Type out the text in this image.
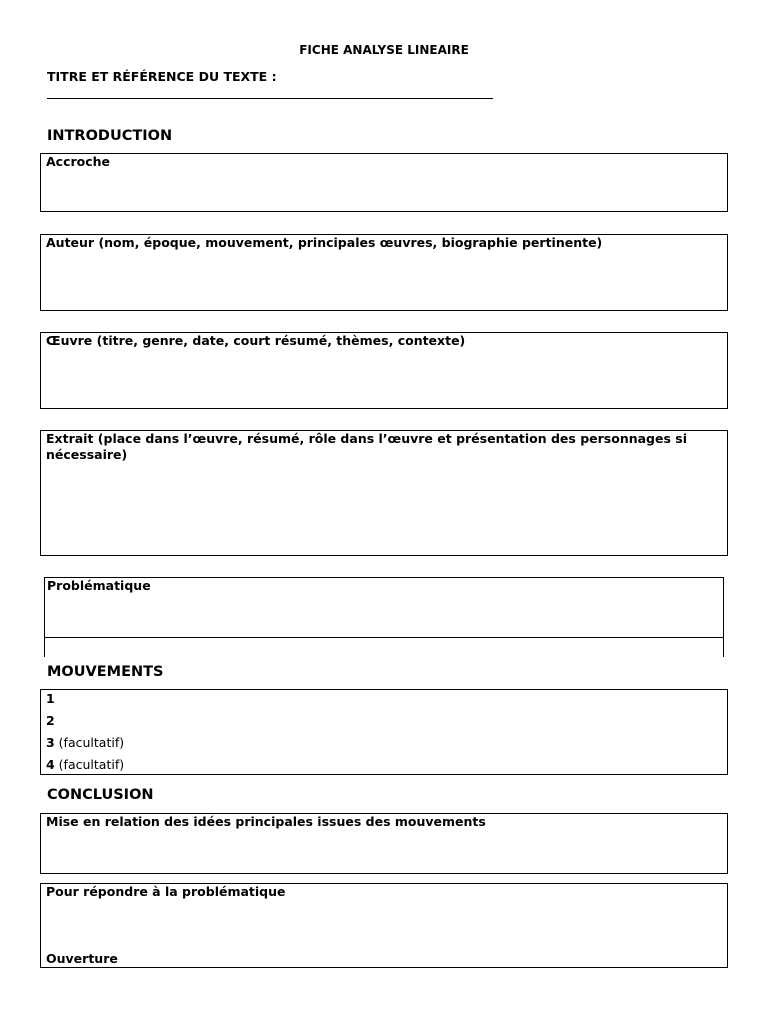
FICHE ANALYSE LINEAIRE
TITRE ET RÉFÉRENCE DU TEXTE :
INTRODUCTION
Accroche
Auteur (nom, époque, mouvement, principales œuvres, biographie pertinente)
Œuvre (titre, genre, date, court résumé, thèmes, contexte)
Extrait (place dans l’œuvre, résumé, rôle dans l’œuvre et présentation des personnages si nécessaire)
Problématique
MOUVEMENTS
1
2
3 (facultatif)
4 (facultatif)
CONCLUSION
Mise en relation des idées principales issues des mouvements
Pour répondre à la problématique
Ouverture
